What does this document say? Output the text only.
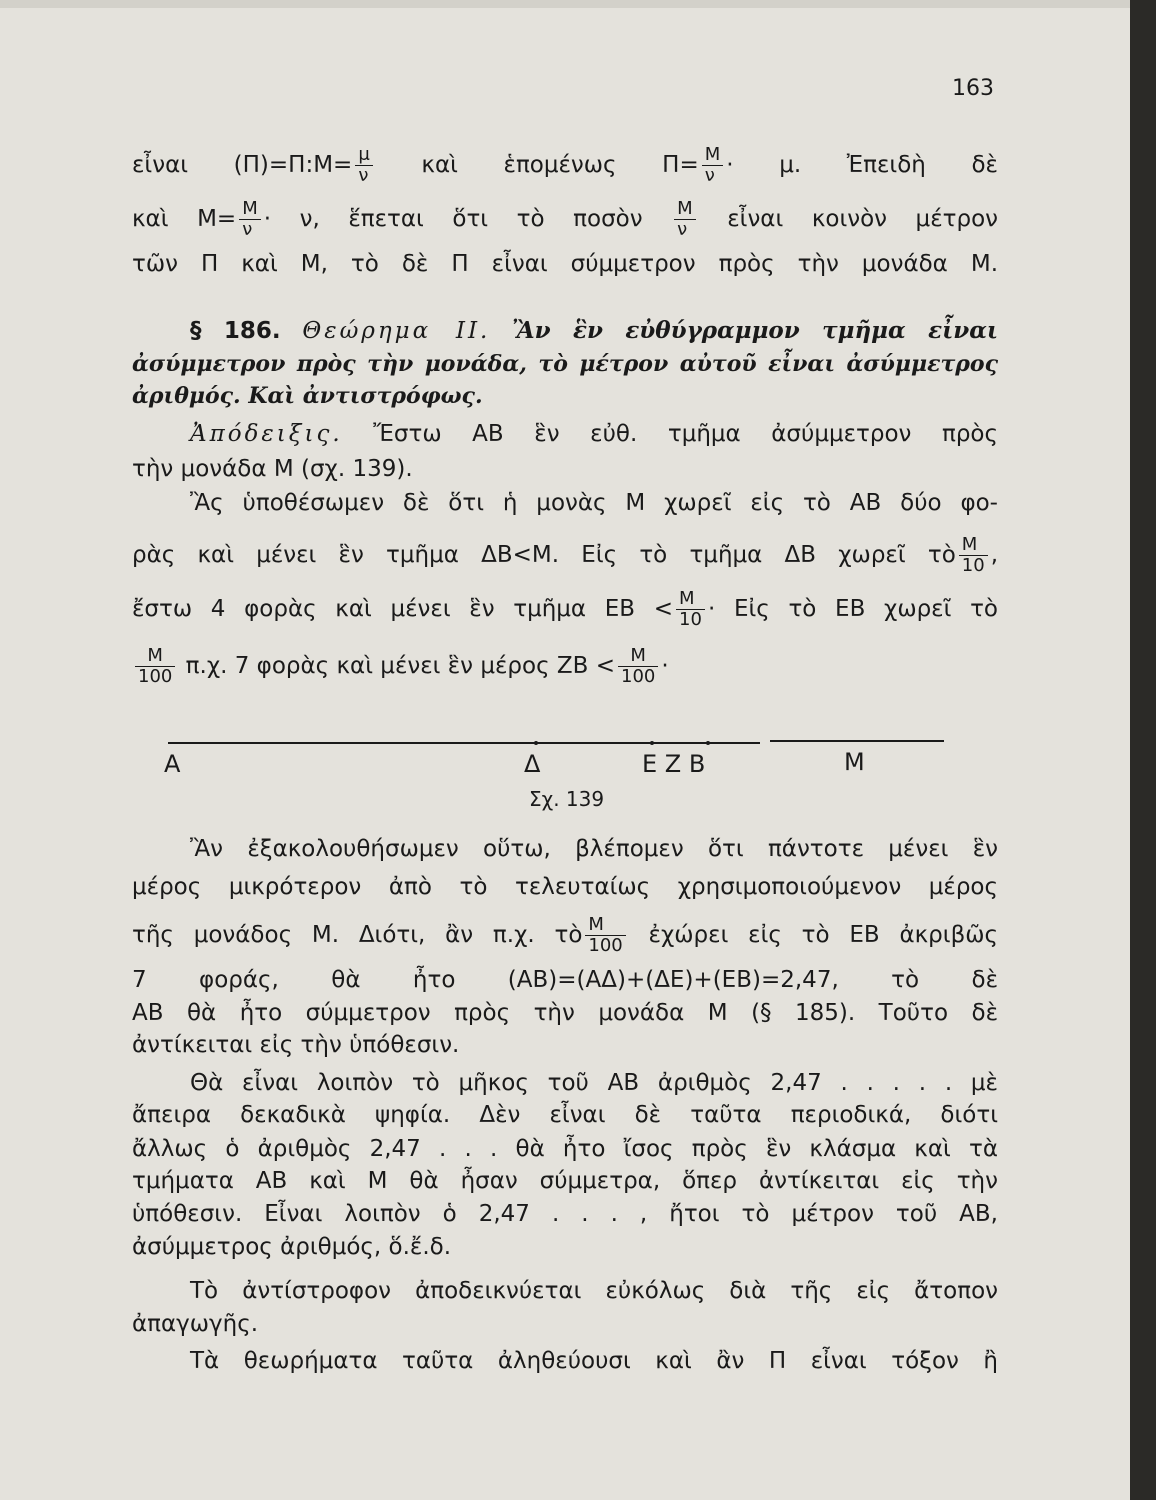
163
εἶναι (Π)=Π:Μ= $\frac{\mu}{\nu}$ καὶ ἑπομένως $\Pi= \frac{M}{\nu} \cdot \mu$. Ἐπειδὴ δὲ
καὶ $M= \frac{M}{\nu} \cdot \nu$, ἕπεται ὅτι τὸ ποσὸν $\frac{M}{\nu}$ εἶναι κοινὸν μέτρον
τῶν Π καὶ Μ, τὸ δὲ Π εἶναι σύμμετρον πρὸς τὴν μονάδα Μ.
§ 186. Θεώρημα ΙΙ. Ἂν ἓν εὐθύγραμμον τμῆμα εἶναι
ἀσύμμετρον πρὸς τὴν μονάδα, τὸ μέτρον αὐτοῦ εἶναι ἀσύμμετρος
ἀριθμός. Καὶ ἀντιστρόφως.
Ἀπόδειξις. Ἔστω ΑΒ ἓν εὐθ. τμῆμα ἀσύμμετρον πρὸς
τὴν μονάδα Μ (σχ. 139).
Ἂς ὑποθέσωμεν δὲ ὅτι ἡ μονὰς Μ χωρεῖ εἰς τὸ ΑΒ δύο φο-
ρὰς καὶ μένει ἓν τμῆμα ΔΒ<Μ. Εἰς τὸ τμῆμα ΔΒ χωρεῖ τὸ $\frac{M}{10}$ ,
ἔστω 4 φορὰς καὶ μένει ἓν τμῆμα $EB < \frac{M}{10}$ · Εἰς τὸ ΕΒ χωρεῖ τὸ
$\frac{M}{100} \pi.\chi$. 7 φορὰς καὶ μένει ἓν μέρος $ZB < \frac{M}{100}$ ·
Α	Δ	Ε Ζ Β	Μ
Σχ. 139
Ἂν ἐξακολουθήσωμεν οὕτω, βλέπομεν ὅτι πάντοτε μένει ἓν
μέρος μικρότερον ἀπὸ τὸ τελευταίως χρησιμοποιούμενον μέρος
τῆς μονάδος Μ. Διότι, ἂν π.χ. τὸ $\frac{M}{100}$ ἐχώρει εἰς τὸ ΕΒ ἀκριβῶς
7 φοράς, θὰ ἦτο (ΑΒ)=(ΑΔ)+(ΔΕ)+(ΕΒ)=2,47, τὸ δὲ
ΑΒ θὰ ἦτο σύμμετρον πρὸς τὴν μονάδα Μ (§ 185). Τοῦτο δὲ
ἀντίκειται εἰς τὴν ὑπόθεσιν.
Θὰ εἶναι λοιπὸν τὸ μῆκος τοῦ ΑΒ ἀριθμὸς 2,47 . . . . . μὲ
ἄπειρα δεκαδικὰ ψηφία. Δὲν εἶναι δὲ ταῦτα περιοδικά, διότι
ἄλλως ὁ ἀριθμὸς 2,47 . . . θὰ ἦτο ἴσος πρὸς ἓν κλάσμα καὶ τὰ
τμήματα ΑΒ καὶ Μ θὰ ἦσαν σύμμετρα, ὅπερ ἀντίκειται εἰς τὴν
ὑπόθεσιν. Εἶναι λοιπὸν ὁ 2,47 . . . , ἤτοι τὸ μέτρον τοῦ ΑΒ,
ἀσύμμετρος ἀριθμός, ὅ.ἔ.δ.
Τὸ ἀντίστροφον ἀποδεικνύεται εὐκόλως διὰ τῆς εἰς ἄτοπον
ἀπαγωγῆς.
Τὰ θεωρήματα ταῦτα ἀληθεύουσι καὶ ἂν Π εἶναι τόξον ἢ
